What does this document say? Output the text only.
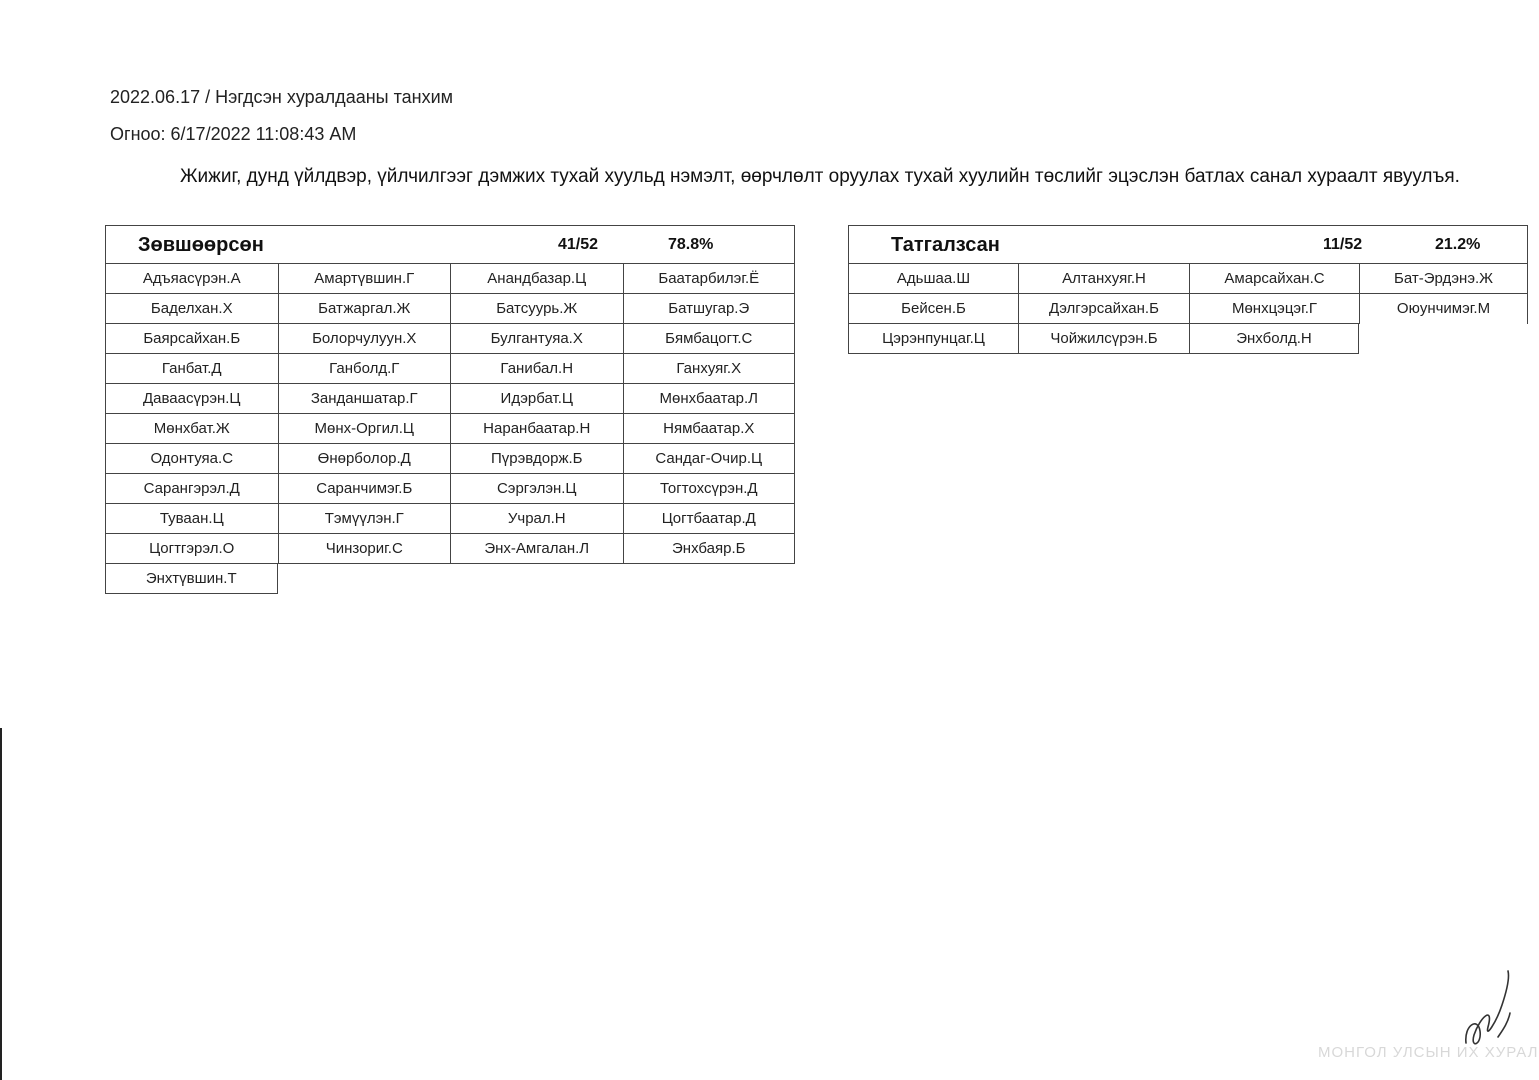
2022.06.17 / Нэгдсэн хуралдааны танхим
Огноо: 6/17/2022 11:08:43 AM
Жижиг, дунд үйлдвэр, үйлчилгээг дэмжих тухай хуульд нэмэлт, өөрчлөлт оруулах тухай хуулийн төслийг эцэслэн батлах санал хураалт явуулъя.
Зөвшөөрсөн	41/52	78.8%
Адъяасүрэн.А	Амартүвшин.Г	Анандбазар.Ц	Баатарбилэг.Ё
Баделхан.Х	Батжаргал.Ж	Батсуурь.Ж	Батшугар.Э
Баярсайхан.Б	Болорчулуун.Х	Булгантуяа.Х	Бямбацогт.С
Ганбат.Д	Ганболд.Г	Ганибал.Н	Ганхуяг.Х
Даваасүрэн.Ц	Занданшатар.Г	Идэрбат.Ц	Мөнхбаатар.Л
Мөнхбат.Ж	Мөнх-Оргил.Ц	Наранбаатар.Н	Нямбаатар.Х
Одонтуяа.С	Өнөрболор.Д	Пүрэвдорж.Б	Сандаг-Очир.Ц
Сарангэрэл.Д	Саранчимэг.Б	Сэргэлэн.Ц	Тогтохсүрэн.Д
Туваан.Ц	Тэмүүлэн.Г	Учрал.Н	Цогтбаатар.Д
Цогтгэрэл.О	Чинзориг.С	Энх-Амгалан.Л	Энхбаяр.Б
Энхтүвшин.Т
Татгалзсан	11/52	21.2%
Адьшаа.Ш	Алтанхуяг.Н	Амарсайхан.С	Бат-Эрдэнэ.Ж
Бейсен.Б	Дэлгэрсайхан.Б	Мөнхцэцэг.Г	Оюунчимэг.М
Цэрэнпунцаг.Ц	Чойжилсүрэн.Б	Энхболд.Н
МОНГОЛ УЛСЫН ИХ ХУРАЛ
